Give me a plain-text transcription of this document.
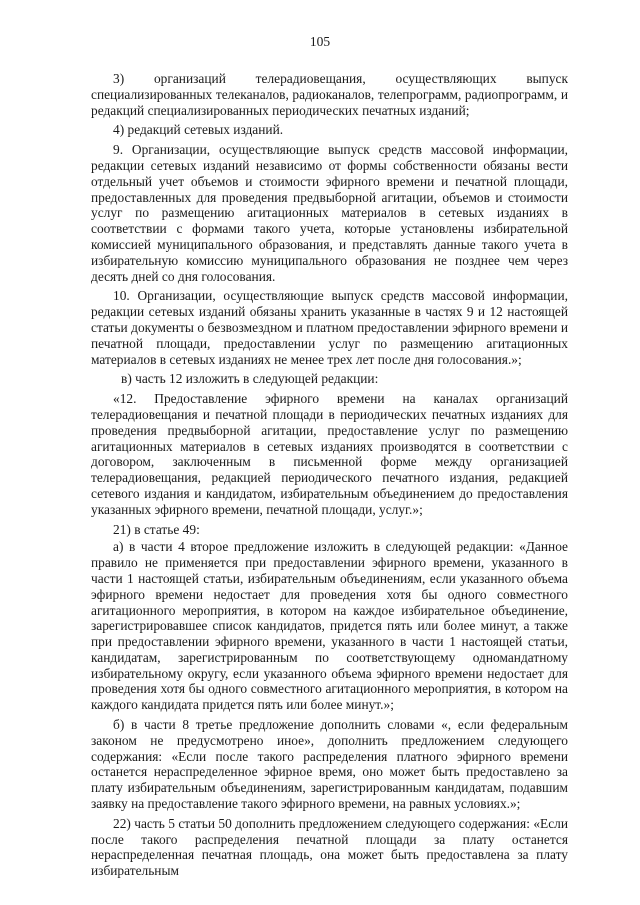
105

3) организаций телерадиовещания, осуществляющих выпуск специализированных телеканалов, радиоканалов, телепрограмм, радиопрограмм, и редакций специализированных периодических печатных изданий;

4) редакций сетевых изданий.

9. Организации, осуществляющие выпуск средств массовой информации, редакции сетевых изданий независимо от формы собственности обязаны вести отдельный учет объемов и стоимости эфирного времени и печатной площади, предоставленных для проведения предвыборной агитации, объемов и стоимости услуг по размещению агитационных материалов в сетевых изданиях в соответствии с формами такого учета, которые установлены избирательной комиссией муниципального образования, и представлять данные такого учета в избирательную комиссию муниципального образования не позднее чем через десять дней со дня голосования.

10. Организации, осуществляющие выпуск средств массовой информации, редакции сетевых изданий обязаны хранить указанные в частях 9 и 12 настоящей статьи документы о безвозмездном и платном предоставлении эфирного времени и печатной площади, предоставлении услуг по размещению агитационных материалов в сетевых изданиях не менее трех лет после дня голосования.»;

в) часть 12 изложить в следующей редакции:

«12. Предоставление эфирного времени на каналах организаций телерадиовещания и печатной площади в периодических печатных изданиях для проведения предвыборной агитации, предоставление услуг по размещению агитационных материалов в сетевых изданиях производятся в соответствии с договором, заключенным в письменной форме между организацией телерадиовещания, редакцией периодического печатного издания, редакцией сетевого издания и кандидатом, избирательным объединением до предоставления указанных эфирного времени, печатной площади, услуг.»;

21) в статье 49:

а) в части 4 второе предложение изложить в следующей редакции: «Данное правило не применяется при предоставлении эфирного времени, указанного в части 1 настоящей статьи, избирательным объединениям, если указанного объема эфирного времени недостает для проведения хотя бы одного совместного агитационного мероприятия, в котором на каждое избирательное объединение, зарегистрировавшее список кандидатов, придется пять или более минут, а также при предоставлении эфирного времени, указанного в части 1 настоящей статьи, кандидатам, зарегистрированным по соответствующему одномандатному избирательному округу, если указанного объема эфирного времени недостает для проведения хотя бы одного совместного агитационного мероприятия, в котором на каждого кандидата придется пять или более минут.»;

б) в части 8 третье предложение дополнить словами «, если федеральным законом не предусмотрено иное», дополнить предложением следующего содержания: «Если после такого распределения платного эфирного времени останется нераспределенное эфирное время, оно может быть предоставлено за плату избирательным объединениям, зарегистрированным кандидатам, подавшим заявку на предоставление такого эфирного времени, на равных условиях.»;

22) часть 5 статьи 50 дополнить предложением следующего содержания: «Если после такого распределения печатной площади за плату останется нераспределенная печатная площадь, она может быть предоставлена за плату избирательным
